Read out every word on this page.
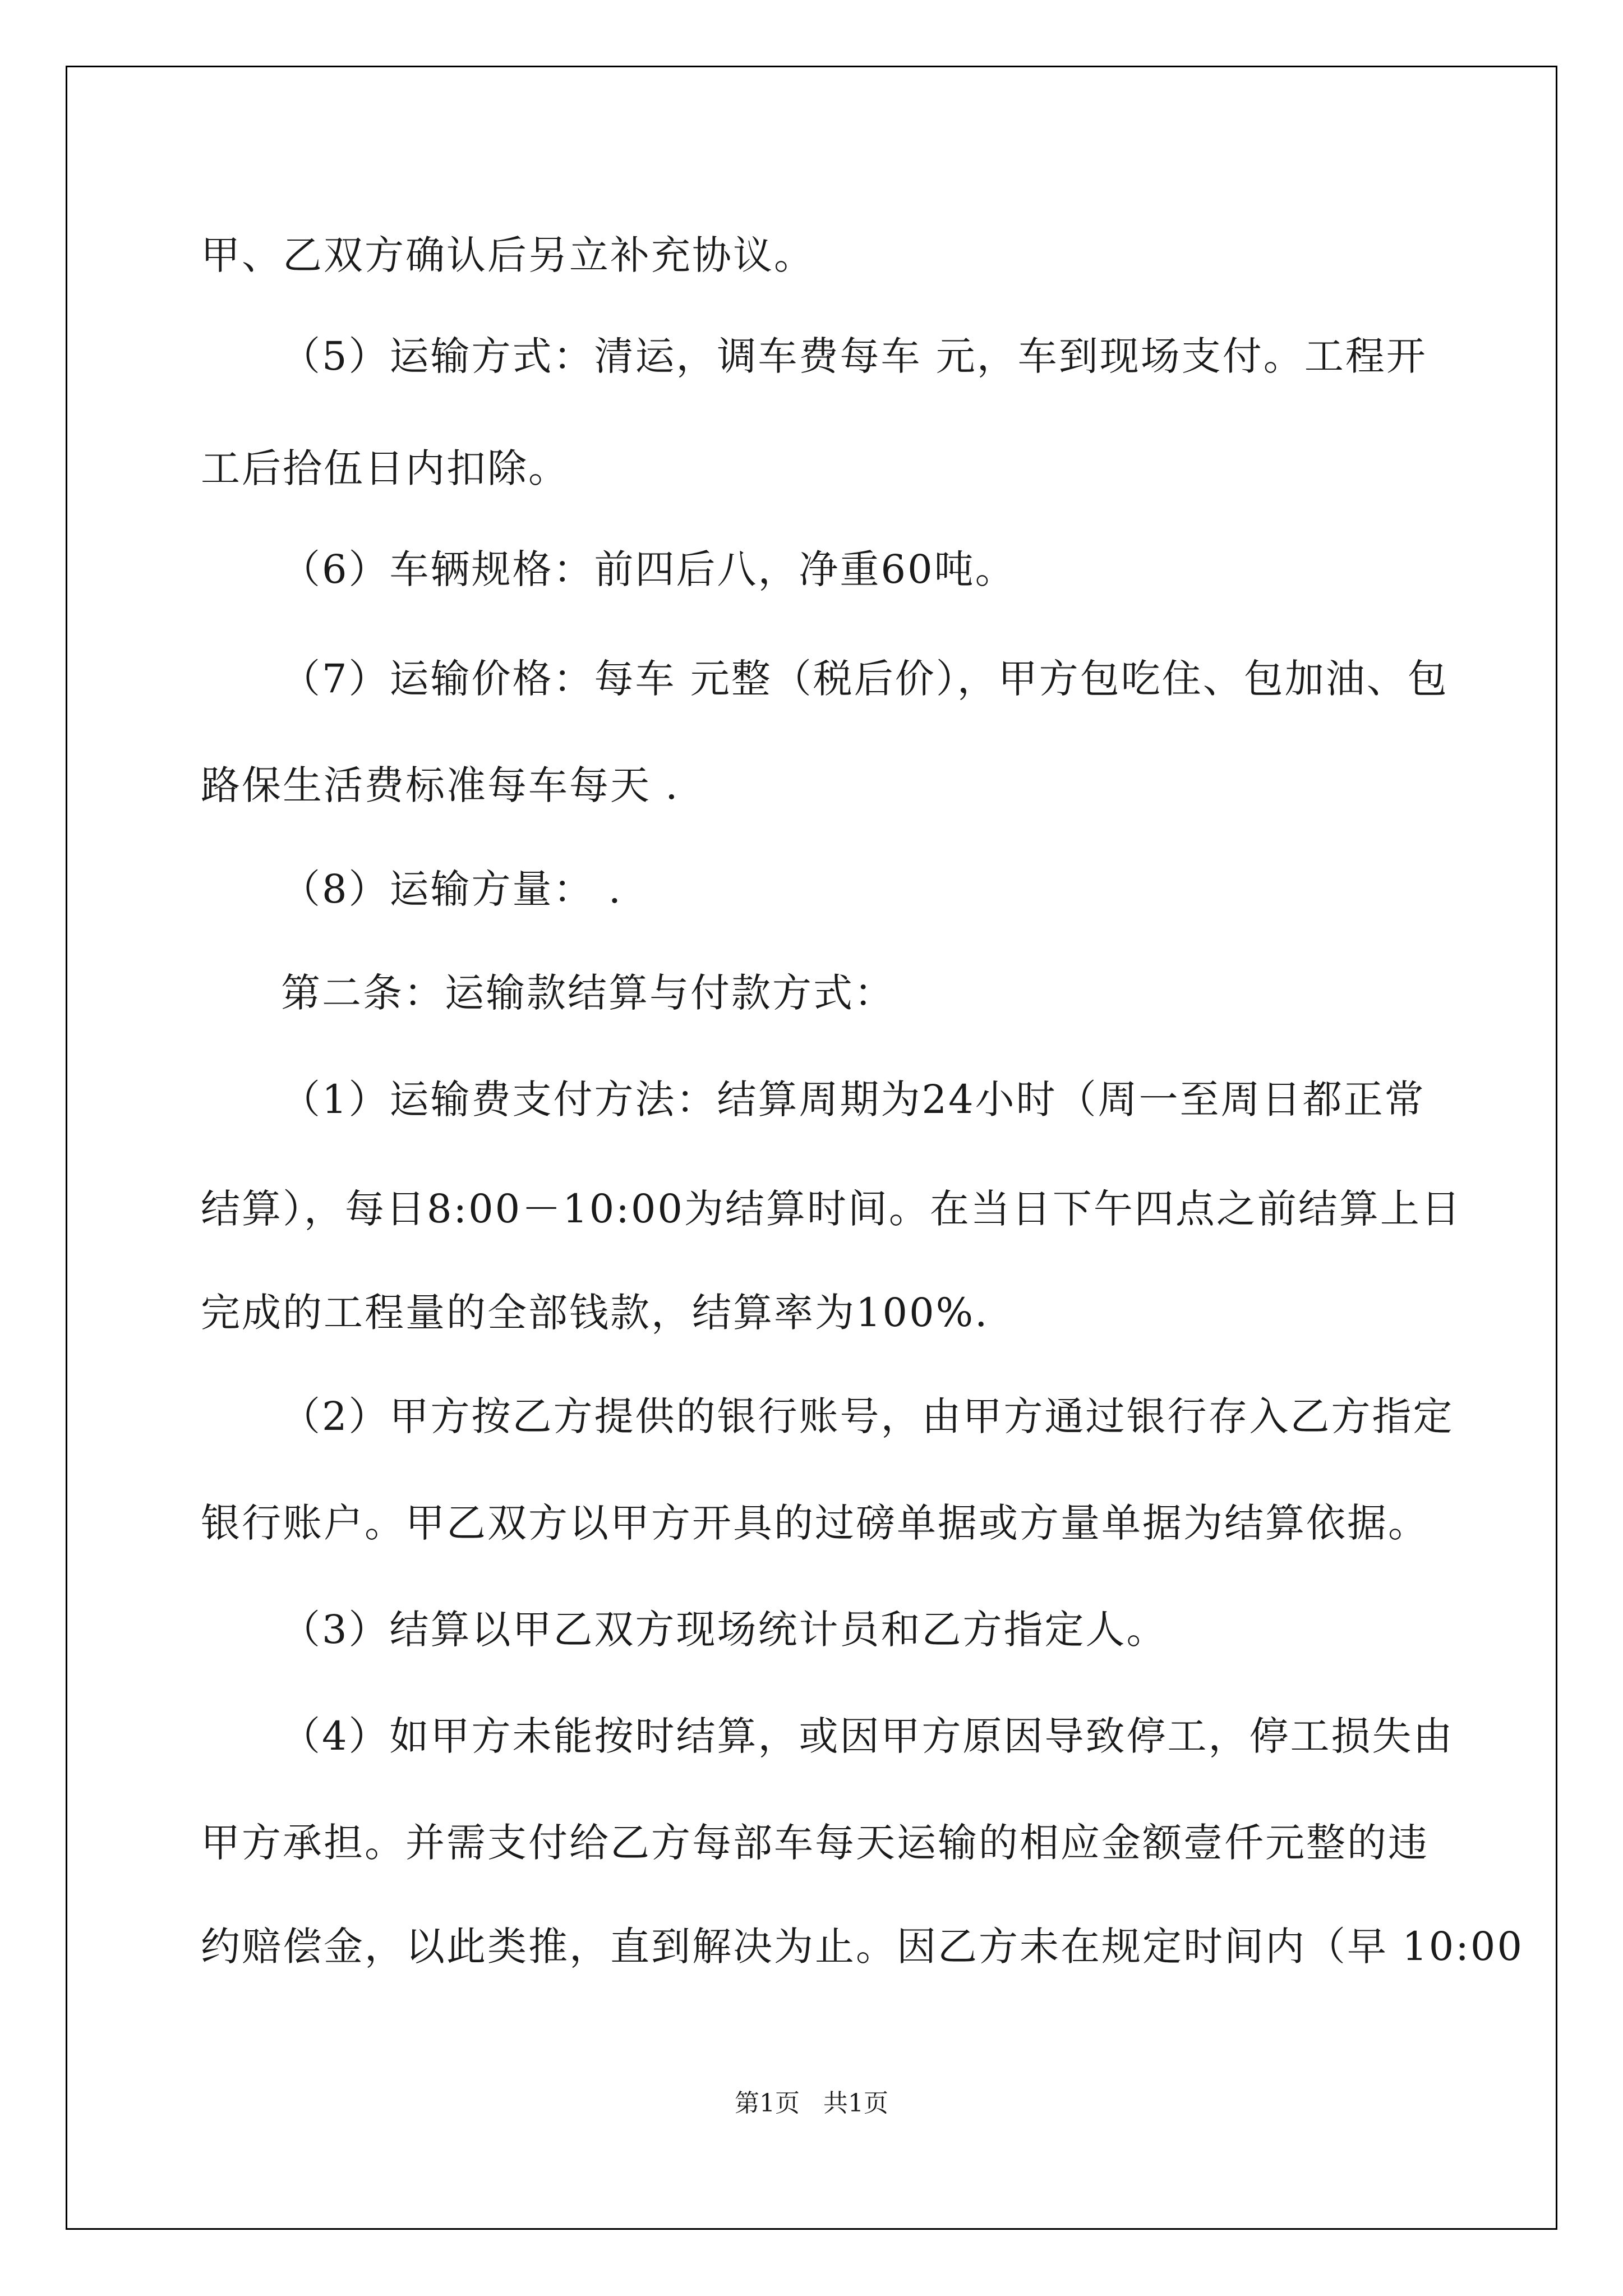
甲、乙双方确认后另立补充协议。
（5）运输方式：清运，调车费每车 元，车到现场支付。工程开
工后拾伍日内扣除。
（6）车辆规格：前四后八，净重60吨。
（7）运输价格：每车 元整（税后价），甲方包吃住、包加油、包
路保生活费标准每车每天 .
（8）运输方量： .
第二条：运输款结算与付款方式：
（1）运输费支付方法：结算周期为24小时（周一至周日都正常
结算），每日8:00－10:00为结算时间。在当日下午四点之前结算上日
完成的工程量的全部钱款，结算率为100%.
（2）甲方按乙方提供的银行账号，由甲方通过银行存入乙方指定
银行账户。甲乙双方以甲方开具的过磅单据或方量单据为结算依据。
（3）结算以甲乙双方现场统计员和乙方指定人。
（4）如甲方未能按时结算，或因甲方原因导致停工，停工损失由
甲方承担。并需支付给乙方每部车每天运输的相应金额壹仟元整的违
约赔偿金，以此类推，直到解决为止。因乙方未在规定时间内（早 10:00
第1页   共1页
